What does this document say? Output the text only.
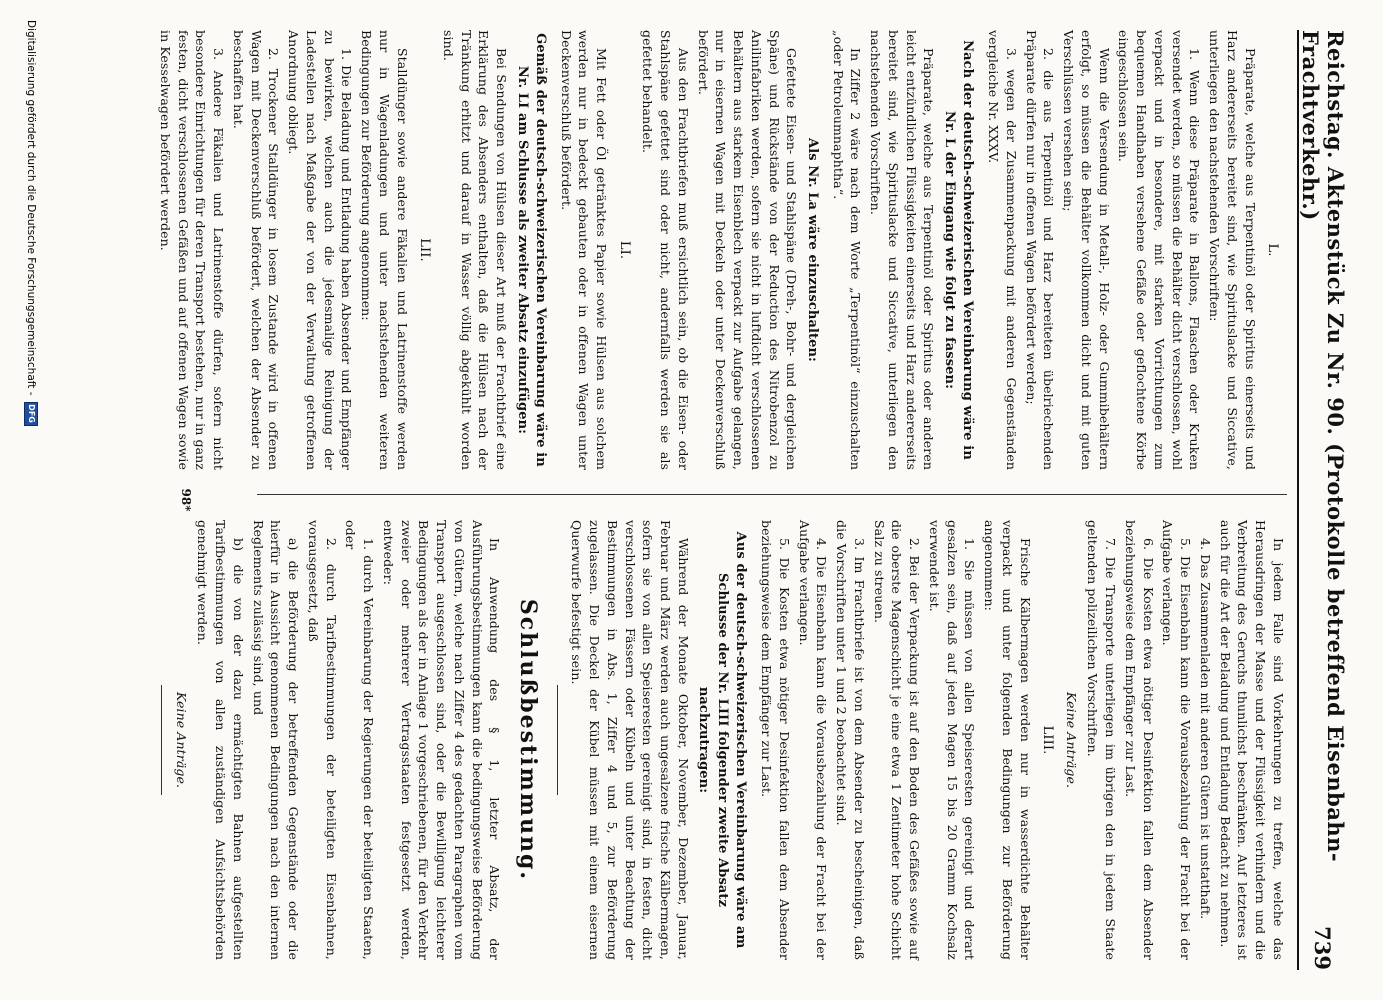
Reichstag. Aktenstück Zu Nr. 90. (Protokolle betreffend Eisenbahn-Frachtverkehr.)
739
L.

Präparate, welche aus Terpentinöl oder Spiritus einerseits und Harz andererseits bereitet sind, wie Spirituslacke und Siccative, unterliegen den nachstehenden Vorschriften:

1. Wenn diese Präparate in Ballons, Flaschen oder Kruken versendet werden, so müssen die Behälter dicht verschlossen, wohl verpackt und in besondere, mit starken Vorrichtungen zum bequemen Handhaben versehene Gefäße oder geflochtene Körbe eingeschlossen sein.

Wenn die Versendung in Metall-, Holz- oder Gummibehältern erfolgt, so müssen die Behälter vollkommen dicht und mit guten Verschlüssen versehen sein;

2. die aus Terpentinöl und Harz bereiteten übelriechenden Präparate dürfen nur in offenen Wagen befördert werden;

3. wegen der Zusammenpackung mit anderen Gegenständen vergleiche Nr. XXXV.

Nach der deutsch-schweizerischen Vereinbarung wäre in Nr. L der Eingang wie folgt zu fassen:

Präparate, welche aus Terpentinöl oder Spiritus oder anderen leicht entzündlichen Flüssigkeiten einerseits und Harz andererseits bereitet sind, wie Spirituslacke und Siccative, unterliegen den nachstehenden Vorschriften.

In Ziffer 2 wäre nach dem Worte „Terpentinöl“ einzuschalten „oder Petroleumnaphtha“.

Als Nr. La wäre einzuschalten:

Gefettete Eisen- und Stahlspäne (Dreh-, Bohr- und dergleichen Späne) und Rückstände von der Reduction des Nitrobenzol zu Anilinfabriken werden, sofern sie nicht in luftdicht verschlossenen Behältern aus starkem Eisenblech verpackt zur Aufgabe gelangen, nur in eisernen Wagen mit Deckeln oder unter Deckenverschluß befördert.

Aus den Frachtbriefen muß ersichtlich sein, ob die Eisen- oder Stahlspäne gefettet sind oder nicht, andernfalls werden sie als gefettet behandelt.

LI.

Mit Fett oder Öl getränktes Papier sowie Hülsen aus solchem werden nur in bedeckt gebauten oder in offenen Wagen unter Deckenverschluß befördert.

Gemäß der deutsch-schweizerischen Vereinbarung wäre in Nr. LI am Schlusse als zweiter Absatz einzufügen:

Bei Sendungen von Hülsen dieser Art muß der Frachtbrief eine Erklärung des Absenders enthalten, daß die Hülsen nach der Tränkung erhitzt und darauf in Wasser völlig abgekühlt worden sind.

LII.

Stalldünger sowie andere Fäkalien und Latrinenstoffe werden nur in Wagenladungen und unter nachstehenden weiteren Bedingungen zur Beförderung angenommen:

1. Die Beladung und Entladung haben Absender und Empfänger zu bewirken, welchen auch die jedesmalige Reinigung der Ladestellen nach Maßgabe der von der Verwaltung getroffenen Anordnung obliegt.

2. Trockener Stalldünger in losem Zustande wird in offenen Wagen mit Deckenverschluß befördert, welchen der Absender zu beschaffen hat.

3. Andere Fäkalien und Latrinenstoffe dürfen, sofern nicht besondere Einrichtungen für deren Transport bestehen, nur in ganz festen, dicht verschlossenen Gefäßen und auf offenen Wagen sowie in Kesselwagen befördert werden.

In jedem Falle sind Vorkehrungen zu treffen, welche das Herausdringen der Masse und der Flüssigkeit verhindern und die Verbreitung des Geruchs thunlichst beschränken. Auf letzteres ist auch für die Art der Beladung und Entladung Bedacht zu nehmen.

4. Das Zusammenladen mit anderen Gütern ist unstatthaft.

5. Die Eisenbahn kann die Vorausbezahlung der Fracht bei der Aufgabe verlangen.

6. Die Kosten etwa nötiger Desinfektion fallen dem Absender beziehungsweise dem Empfänger zur Last.

7. Die Transporte unterliegen im übrigen den in jedem Staate geltenden polizeilichen Vorschriften.

Keine Anträge.
LIII.

Frische Kälbermagen werden nur in wasserdichte Behälter verpackt und unter folgenden Bedingungen zur Beförderung angenommen:

1. Sie müssen von allen Speiseresten gereinigt und derart gesalzen sein, daß auf jeden Magen 15 bis 20 Gramm Kochsalz verwendet ist.

2. Bei der Verpackung ist auf den Boden des Gefäßes sowie auf die oberste Magenschicht je eine etwa 1 Zentimeter hohe Schicht Salz zu streuen.

3. Im Frachtbriefe ist von dem Absender zu bescheinigen, daß die Vorschriften unter 1 und 2 beobachtet sind.

4. Die Eisenbahn kann die Vorausbezahlung der Fracht bei der Aufgabe verlangen.

5. Die Kosten etwa nötiger Desinfektion fallen dem Absender beziehungsweise dem Empfänger zur Last.

Aus der deutsch-schweizerischen Vereinbarung wäre am Schlusse der Nr. LIII folgender zweite Absatz nachzutragen:

Während der Monate Oktober, November, Dezember, Januar, Februar und März werden auch ungesalzene frische Kälbermagen, sofern sie von allen Speiseresten gereinigt sind, in festen, dicht verschlossenen Fässern oder Kübeln und unter Beachtung der Bestimmungen in Abs. 1, Ziffer 4 und 5, zur Beförderung zugelassen. Die Deckel der Kübel müssen mit einem eisernen Querwurfe befestigt sein.

Schlußbestimmung.

In Anwendung des § 1, letzter Absatz, der Ausführungsbestimmungen kann die bedingungsweise Beförderung von Gütern, welche nach Ziffer 4 des gedachten Paragraphen vom Transport ausgeschlossen sind, oder die Bewilligung leichterer Bedingungen als der in Anlage 1 vorgeschriebenen, für den Verkehr zweier oder mehrerer Vertragsstaaten festgesetzt werden, entweder:

1. durch Vereinbarung der Regierungen der beteiligten Staaten, oder

2. durch Tarifbestimmungen der beteiligten Eisenbahnen, vorausgesetzt, daß

a) die Beförderung der betreffenden Gegenstände oder die hierfür in Aussicht genommenen Bedingungen nach den internen Reglements zulässig sind, und

b) die von der dazu ermächtigten Bahnen aufgestellten Tarifbestimmungen von allen zuständigen Aufsichtsbehörden genehmigt werden.

Keine Anträge.
98*
Digitalisierung gefördert durch die Deutsche Forschungsgemeinschaft -
DFG
